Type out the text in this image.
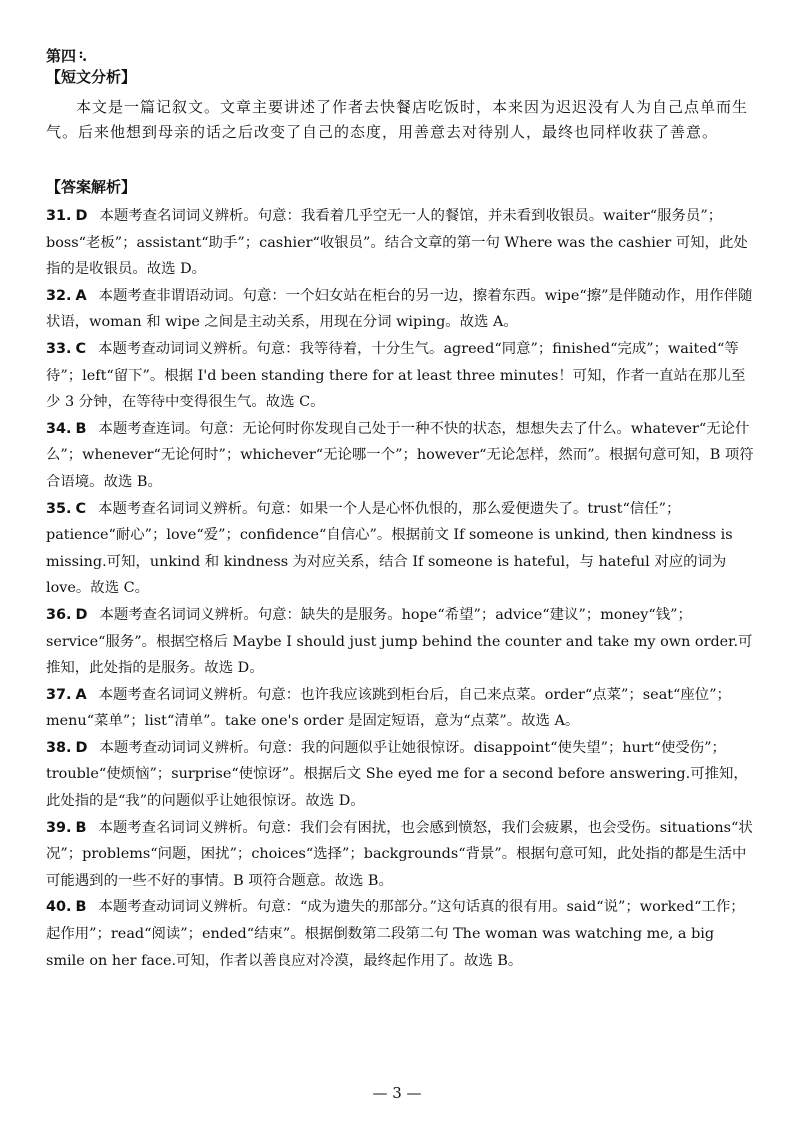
第四᠄.
【短文分析】
本文是一篇记叙文。文章主要讲述了作者去快餐店吃饭时，本来因为迟迟没有人为自己点单而生气。后来他想到母亲的话之后改变了自己的态度，用善意去对待别人，最终也同样收获了善意。
【答案解析】

31. D 本题考查名词词义辨析。句意：我看着几乎空无一人的餐馆，并未看到收银员。waiter“服务员”；boss“老板”；assistant“助手”；cashier“收银员”。结合文章的第一句 Where was the cashier 可知，此处指的是收银员。故选 D。

32. A 本题考查非谓语动词。句意：一个妇女站在柜台的另一边，擦着东西。wipe“擦”是伴随动作，用作伴随状语，woman 和 wipe 之间是主动关系，用现在分词 wiping。故选 A。

33. C 本题考查动词词义辨析。句意：我等待着，十分生气。agreed“同意”；finished“完成”；waited“等待”；left“留下”。根据 I'd been standing there for at least three minutes！可知，作者一直站在那儿至少 3 分钟，在等待中变得很生气。故选 C。

34. B 本题考查连词。句意：无论何时你发现自己处于一种不快的状态，想想失去了什么。whatever“无论什么”；whenever“无论何时”；whichever“无论哪一个”；however“无论怎样，然而”。根据句意可知，B 项符合语境。故选 B。

35. C 本题考查名词词义辨析。句意：如果一个人是心怀仇恨的，那么爱便遗失了。trust“信任”；patience“耐心”；love“爱”；confidence“自信心”。根据前文 If someone is unkind, then kindness is missing.可知，unkind 和 kindness 为对应关系，结合 If someone is hateful，与 hateful 对应的词为 love。故选 C。

36. D 本题考查名词词义辨析。句意：缺失的是服务。hope“希望”；advice“建议”；money“钱”；service“服务”。根据空格后 Maybe I should just jump behind the counter and take my own order.可推知，此处指的是服务。故选 D。

37. A 本题考查名词词义辨析。句意：也许我应该跳到柜台后，自己来点菜。order“点菜”；seat“座位”；menu“菜单”；list“清单”。take one's order 是固定短语，意为“点菜”。故选 A。

38. D 本题考查动词词义辨析。句意：我的问题似乎让她很惊讶。disappoint“使失望”；hurt“使受伤”；trouble“使烦恼”；surprise“使惊讶”。根据后文 She eyed me for a second before answering.可推知，此处指的是“我”的问题似乎让她很惊讶。故选 D。

39. B 本题考查名词词义辨析。句意：我们会有困扰，也会感到愤怒，我们会疲累，也会受伤。situations“状况”；problems“问题，困扰”；choices“选择”；backgrounds“背景”。根据句意可知，此处指的都是生活中可能遇到的一些不好的事情。B 项符合题意。故选 B。

40. B 本题考查动词词义辨析。句意：“成为遗失的那部分。”这句话真的很有用。said“说”；worked“工作；起作用”；read“阅读”；ended“结束”。根据倒数第二段第二句 The woman was watching me, a big smile on her face.可知，作者以善良应对冷漠，最终起作用了。故选 B。

— 3 —
